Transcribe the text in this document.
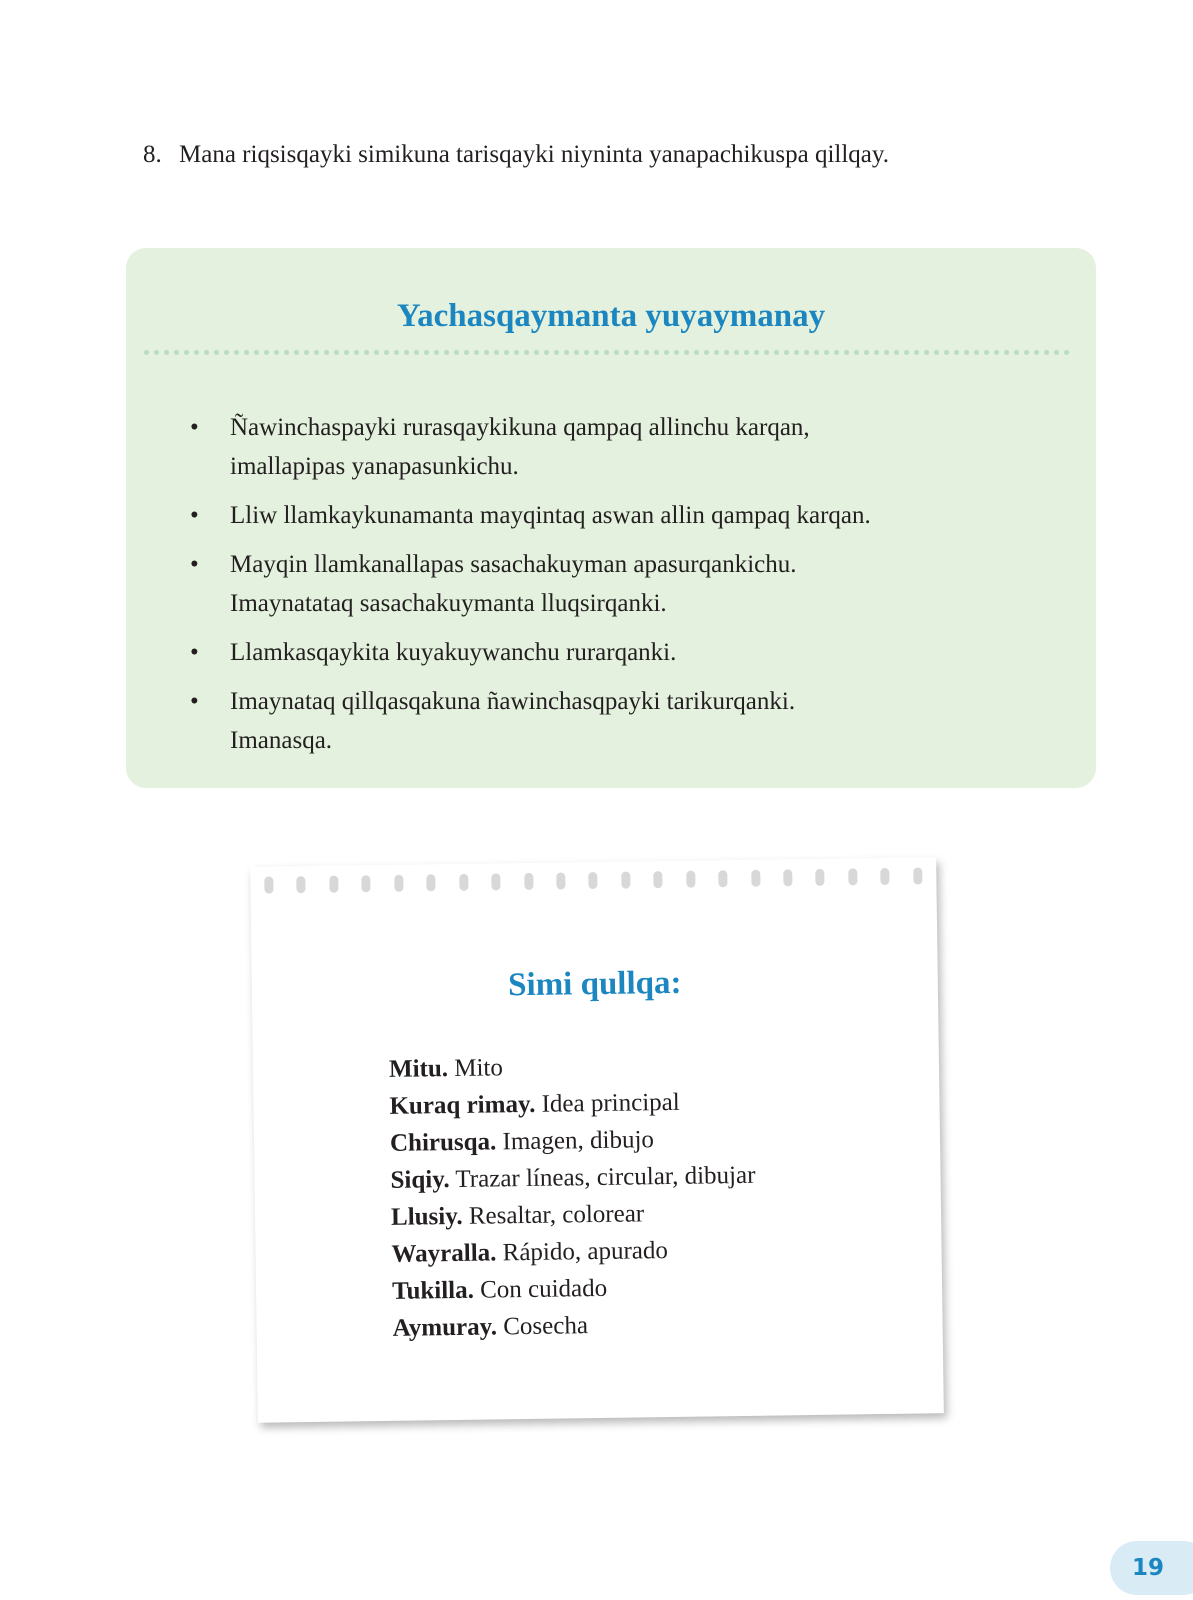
8. Mana riqsisqayki simikuna tarisqayki niyninta yanapachikuspa qillqay.
Yachasqaymanta yuyaymanay
• Ñawinchaspayki rurasqaykikuna qampaq allinchu karqan,
imallapipas yanapasunkichu.
• Lliw llamkaykunamanta mayqintaq aswan allin qampaq karqan.
• Mayqin llamkanallapas sasachakuyman apasurqankichu.
Imaynatataq sasachakuymanta lluqsirqanki.
• Llamkasqaykita kuyakuywanchu rurarqanki.
• Imaynataq qillqasqakuna ñawinchasqpayki tarikurqanki.
Imanasqa.
Simi qullqa:
Mitu. Mito
Kuraq rimay. Idea principal
Chirusqa. Imagen, dibujo
Siqiy. Trazar líneas, circular, dibujar
Llusiy. Resaltar, colorear
Wayralla. Rápido, apurado
Tukilla. Con cuidado
Aymuray. Cosecha
19
